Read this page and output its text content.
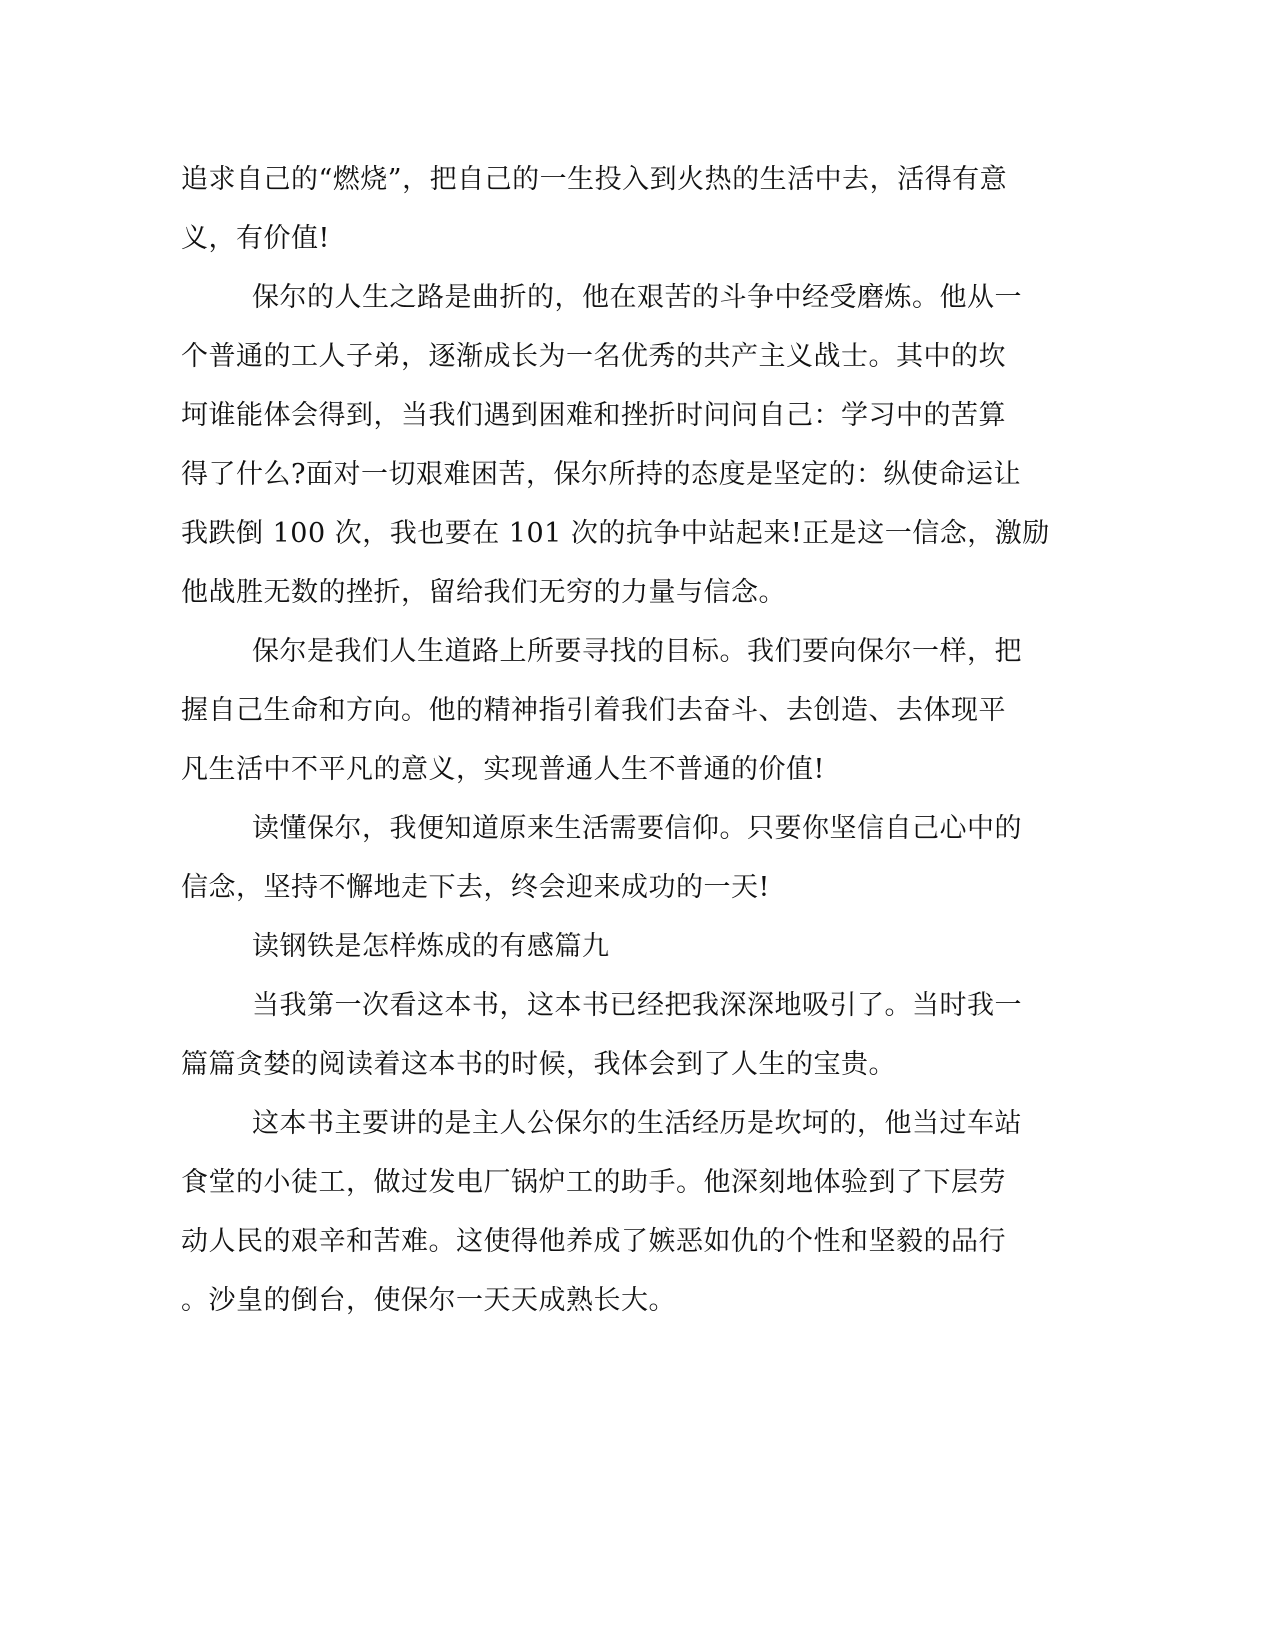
追求自己的“燃烧”，把自己的一生投入到火热的生活中去，活得有意

义，有价值!

保尔的人生之路是曲折的，他在艰苦的斗争中经受磨炼。他从一

个普通的工人子弟，逐渐成长为一名优秀的共产主义战士。其中的坎

坷谁能体会得到，当我们遇到困难和挫折时问问自己：学习中的苦算

得了什么?面对一切艰难困苦，保尔所持的态度是坚定的：纵使命运让

我跌倒 100 次，我也要在 101 次的抗争中站起来!正是这一信念，激励

他战胜无数的挫折，留给我们无穷的力量与信念。

保尔是我们人生道路上所要寻找的目标。我们要向保尔一样，把

握自己生命和方向。他的精神指引着我们去奋斗、去创造、去体现平

凡生活中不平凡的意义，实现普通人生不普通的价值!

读懂保尔，我便知道原来生活需要信仰。只要你坚信自己心中的

信念，坚持不懈地走下去，终会迎来成功的一天!

读钢铁是怎样炼成的有感篇九

当我第一次看这本书，这本书已经把我深深地吸引了。当时我一

篇篇贪婪的阅读着这本书的时候，我体会到了人生的宝贵。

这本书主要讲的是主人公保尔的生活经历是坎坷的，他当过车站

食堂的小徒工，做过发电厂锅炉工的助手。他深刻地体验到了下层劳

动人民的艰辛和苦难。这使得他养成了嫉恶如仇的个性和坚毅的品行

。沙皇的倒台，使保尔一天天成熟长大。
